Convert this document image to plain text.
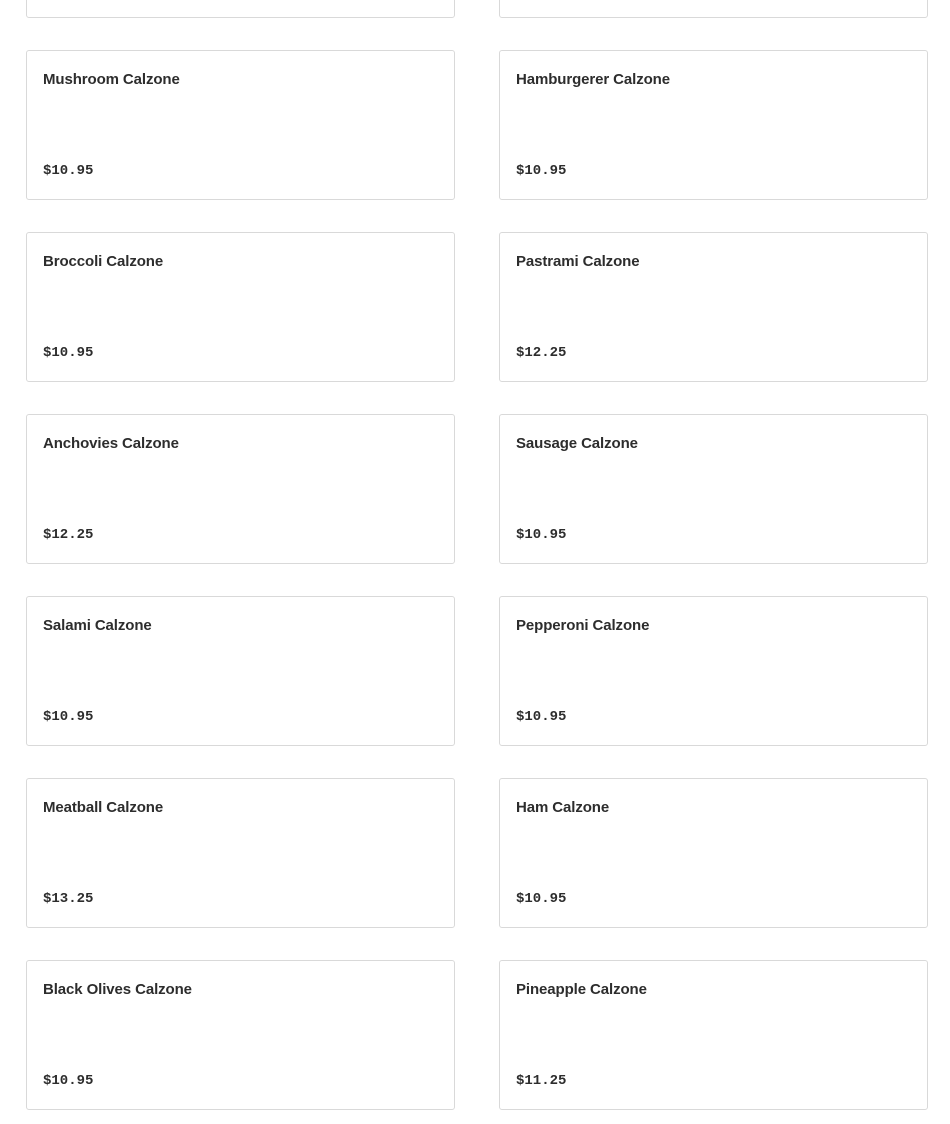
Mushroom Calzone
$10.95
Hamburgerer Calzone
$10.95
Broccoli Calzone
$10.95
Pastrami Calzone
$12.25
Anchovies Calzone
$12.25
Sausage Calzone
$10.95
Salami Calzone
$10.95
Pepperoni Calzone
$10.95
Meatball Calzone
$13.25
Ham Calzone
$10.95
Black Olives Calzone
$10.95
Pineapple Calzone
$11.25
